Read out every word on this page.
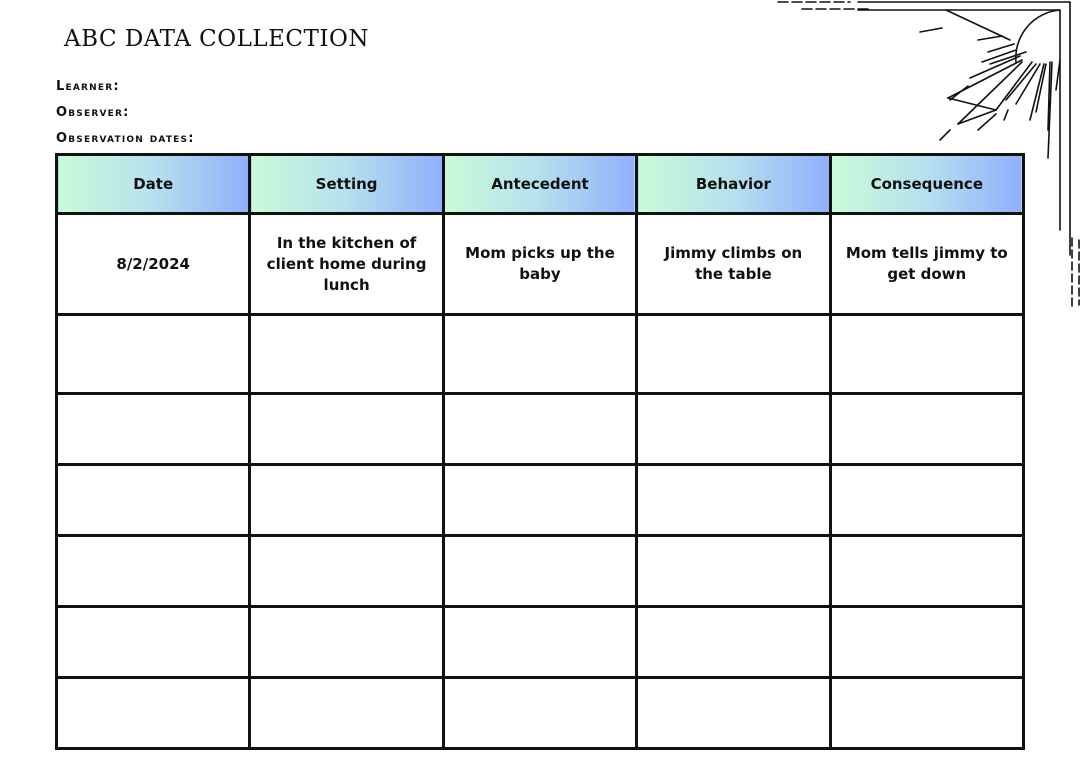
ABC DATA COLLECTION
Learner:
Observer:
Observation dates:
Date	Setting	Antecedent	Behavior	Consequence
8/2/2024	In the kitchen of client home during lunch	Mom picks up the baby	Jimmy climbs on the table	Mom tells jimmy to get down
